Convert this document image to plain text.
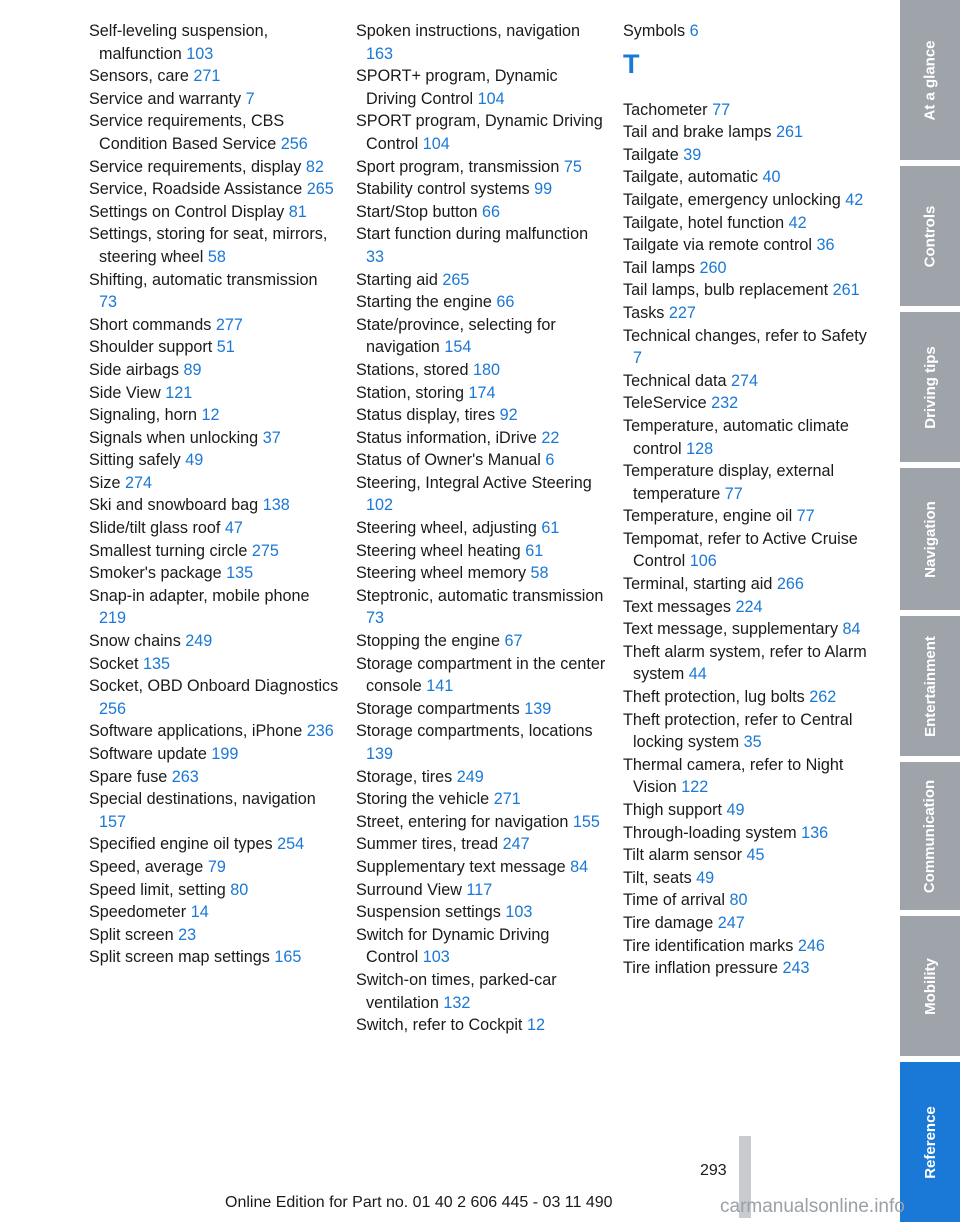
Self-leveling suspension, malfunction 103
Sensors, care 271
Service and warranty 7
Service requirements, CBS Condition Based Service 256
Service requirements, display 82
Service, Roadside Assistance 265
Settings on Control Display 81
Settings, storing for seat, mirrors, steering wheel 58
Shifting, automatic transmission 73
Short commands 277
Shoulder support 51
Side airbags 89
Side View 121
Signaling, horn 12
Signals when unlocking 37
Sitting safely 49
Size 274
Ski and snowboard bag 138
Slide/tilt glass roof 47
Smallest turning circle 275
Smoker's package 135
Snap-in adapter, mobile phone 219
Snow chains 249
Socket 135
Socket, OBD Onboard Diagnostics 256
Software applications, iPhone 236
Software update 199
Spare fuse 263
Special destinations, navigation 157
Specified engine oil types 254
Speed, average 79
Speed limit, setting 80
Speedometer 14
Split screen 23
Split screen map settings 165
Spoken instructions, navigation 163
SPORT+ program, Dynamic Driving Control 104
SPORT program, Dynamic Driving Control 104
Sport program, transmission 75
Stability control systems 99
Start/Stop button 66
Start function during malfunction 33
Starting aid 265
Starting the engine 66
State/province, selecting for navigation 154
Stations, stored 180
Station, storing 174
Status display, tires 92
Status information, iDrive 22
Status of Owner's Manual 6
Steering, Integral Active Steering 102
Steering wheel, adjusting 61
Steering wheel heating 61
Steering wheel memory 58
Steptronic, automatic transmission 73
Stopping the engine 67
Storage compartment in the center console 141
Storage compartments 139
Storage compartments, locations 139
Storage, tires 249
Storing the vehicle 271
Street, entering for navigation 155
Summer tires, tread 247
Supplementary text message 84
Surround View 117
Suspension settings 103
Switch for Dynamic Driving Control 103
Switch-on times, parked-car ventilation 132
Switch, refer to Cockpit 12
Symbols 6
T
Tachometer 77
Tail and brake lamps 261
Tailgate 39
Tailgate, automatic 40
Tailgate, emergency unlocking 42
Tailgate, hotel function 42
Tailgate via remote control 36
Tail lamps 260
Tail lamps, bulb replacement 261
Tasks 227
Technical changes, refer to Safety 7
Technical data 274
TeleService 232
Temperature, automatic climate control 128
Temperature display, external temperature 77
Temperature, engine oil 77
Tempomat, refer to Active Cruise Control 106
Terminal, starting aid 266
Text messages 224
Text message, supplementary 84
Theft alarm system, refer to Alarm system 44
Theft protection, lug bolts 262
Theft protection, refer to Central locking system 35
Thermal camera, refer to Night Vision 122
Thigh support 49
Through-loading system 136
Tilt alarm sensor 45
Tilt, seats 49
Time of arrival 80
Tire damage 247
Tire identification marks 246
Tire inflation pressure 243
At a glance
Controls
Driving tips
Navigation
Entertainment
Communication
Mobility
Reference
293
Online Edition for Part no. 01 40 2 606 445 - 03 11 490	carmanualsonline.info
